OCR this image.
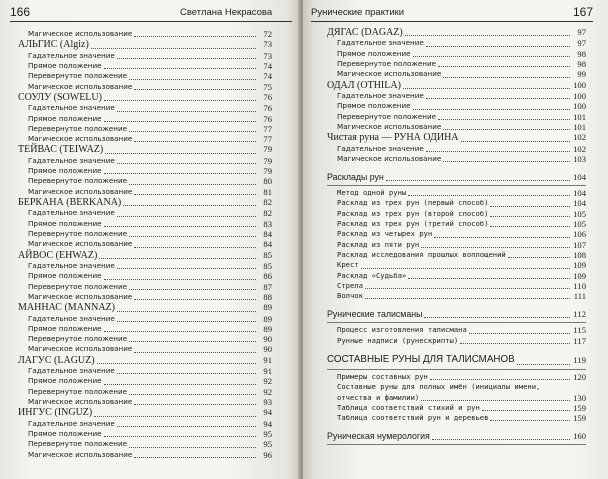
166	Светлана Некрасова
Магическое использование	72
АЛЬГИС (Algiz)	73
Гадательное значение	73
Прямое положение	74
Перевернутое положение	74
Магическое использование	75
СОУЛУ (SOWELU)	76
Гадательное значение	76
Прямое положение	76
Перевернутое положение	77
Магическое использование	77
ТЕЙВАС (TEIWAZ)	79
Гадательное значение	79
Прямое положение	79
Перевернутое положение	80
Магическое использование	81
БЕРКАНА (BERKANA)	82
Гадательное значение	82
Прямое положение	83
Перевернутое положение	84
Магическое использование	84
АЙВОС (EHWAZ)	85
Гадательное значение	85
Прямое положение	86
Перевернутое положение	87
Магическое использование	88
МАННАС (MANNAZ)	89
Гадательное значение	89
Прямое положение	89
Перевернутое положение	90
Магическое использование	90
ЛАГУС (LAGUZ)	91
Гадательное значение	91
Прямое положение	92
Перевернутое положение	92
Магическое использование	93
ИНГУС (INGUZ)	94
Гадательное значение	94
Прямое положение	95
Перевернутое положение	95
Магическое использование	96
Рунические практики	167
ДЯГАС (DAGAZ)	97
Гадательное значение	97
Прямое положение	98
Перевернутое положение	98
Магическое использование	99
ОДАЛ (OTHILA)	100
Гадательное значение	100
Прямое положение	100
Перевернутое положение	101
Магическое использование	101
Чистая руна — РУНА ОДИНА	102
Гадательное значение	102
Магическое использование	103
Расклады рун	104
Метод одной руны	104
Расклад из трех рун (первый способ)	104
Расклад из трех рун (второй способ)	105
Расклад из трех рун (третий способ)	105
Расклад из четырех рун	106
Расклад из пяти рун	107
Расклад исследования прошлых воплощений	108
Крест	109
Расклад «Судьба»	109
Стрела	110
Волчок	111
Рунические талисманы	112
Процесс изготовления талисмана	115
Рунные надписи (рунескрипты)	117
СОСТАВНЫЕ РУНЫ ДЛЯ ТАЛИСМАНОВ	119
Примеры составных рун	120
Составные руны для полных имён (инициалы имени,
отчества и фамилии)	130
Таблица соответствий стихий и рун	159
Таблица соответствий рун и деревьев	159
Руническая нумерология	160
